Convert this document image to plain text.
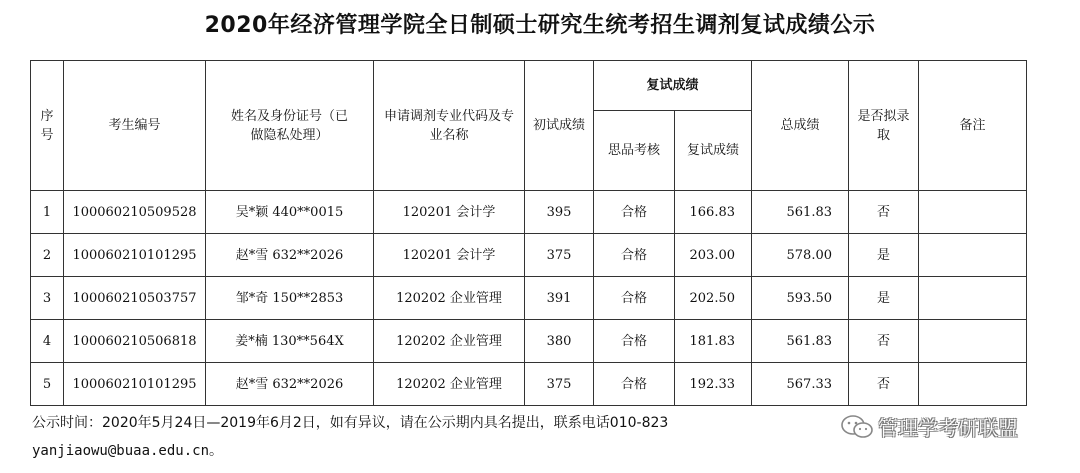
2020年经济管理学院全日制硕士研究生统考招生调剂复试成绩公示
序号	考生编号	姓名及身份证号（已做隐私处理）	申请调剂专业代码及专业名称	初试成绩	复试成绩		总成绩	是否拟录取	备注
					思品考核	复试成绩			
1	100060210509528	吴*颖 440**0015	120201 会计学	395	合格	166.83	561.83	否	
2	100060210101295	赵*雪 632**2026	120201 会计学	375	合格	203.00	578.00	是	
3	100060210503757	邹*奇 150**2853	120202 企业管理	391	合格	202.50	593.50	是	
4	100060210506818	姜*楠 130**564X	120202 企业管理	380	合格	181.83	561.83	否	
5	100060210101295	赵*雪 632**2026	120202 企业管理	375	合格	192.33	567.33	否	
公示时间：2020年5月24日—2019年6月2日，如有异议，请在公示期内具名提出，联系电话010-823
yanjiaowu@buaa.edu.cn。
管理学考研联盟
